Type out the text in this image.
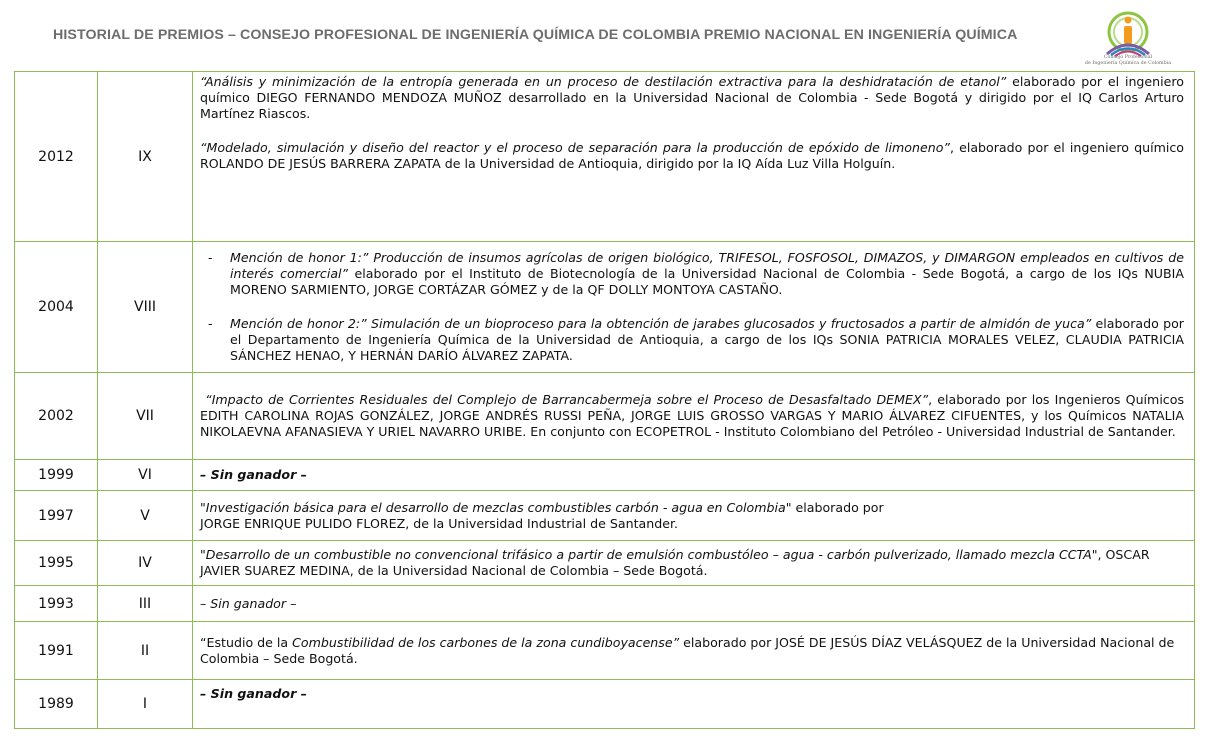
HISTORIAL DE PREMIOS – CONSEJO PROFESIONAL DE INGENIERÍA QUÍMICA DE COLOMBIA PREMIO NACIONAL EN INGENIERÍA QUÍMICA
Consejo Profesional
de Ingeniería Química de Colombia
2012	IX	“Análisis y minimización de la entropía generada en un proceso de destilación extractiva para la deshidratación de etanol” elaborado por el ingeniero químico DIEGO FERNANDO MENDOZA MUÑOZ desarrollado en la Universidad Nacional de Colombia - Sede Bogotá y dirigido por el IQ Carlos Arturo Martínez Riascos.
“Modelado, simulación y diseño del reactor y el proceso de separación para la producción de epóxido de limoneno”, elaborado por el ingeniero químico ROLANDO DE JESÚS BARRERA ZAPATA de la Universidad de Antioquia, dirigido por la IQ Aída Luz Villa Holguín.

2004	VIII	- Mención de honor 1:” Producción de insumos agrícolas de origen biológico, TRIFESOL, FOSFOSOL, DIMAZOS, y DIMARGON empleados en cultivos de interés comercial” elaborado por el Instituto de Biotecnología de la Universidad Nacional de Colombia - Sede Bogotá, a cargo de los IQs NUBIA MORENO SARMIENTO, JORGE CORTÁZAR GÓMEZ y de la QF DOLLY MONTOYA CASTAÑO.
- Mención de honor 2:” Simulación de un bioproceso para la obtención de jarabes glucosados y fructosados a partir de almidón de yuca” elaborado por el Departamento de Ingeniería Química de la Universidad de Antioquia, a cargo de los IQs SONIA PATRICIA MORALES VELEZ, CLAUDIA PATRICIA SÁNCHEZ HENAO, Y HERNÁN DARÍO ÁLVAREZ ZAPATA.

2002	VII	“Impacto de Corrientes Residuales del Complejo de Barrancabermeja sobre el Proceso de Desasfaltado DEMEX”, elaborado por los Ingenieros Químicos EDITH CAROLINA ROJAS GONZÁLEZ, JORGE ANDRÉS RUSSI PEÑA, JORGE LUIS GROSSO VARGAS Y MARIO ÁLVAREZ CIFUENTES, y los Químicos NATALIA NIKOLAEVNA AFANASIEVA Y URIEL NAVARRO URIBE. En conjunto con ECOPETROL - Instituto Colombiano del Petróleo - Universidad Industrial de Santander.

1999	VI	– Sin ganador –
1997	V	"Investigación básica para el desarrollo de mezclas combustibles carbón - agua en Colombia" elaborado por
JORGE ENRIQUE PULIDO FLOREZ, de la Universidad Industrial de Santander.

1995	IV	"Desarrollo de un combustible no convencional trifásico a partir de emulsión combustóleo – agua - carbón pulverizado, llamado mezcla CCTA", OSCAR JAVIER SUAREZ MEDINA, de la Universidad Nacional de Colombia – Sede Bogotá.

1993	III	– Sin ganador –
1991	II	“Estudio de la Combustibilidad de los carbones de la zona cundiboyacense” elaborado por JOSÉ DE JESÚS DÍAZ VELÁSQUEZ de la Universidad Nacional de Colombia – Sede Bogotá.

1989	I	– Sin ganador –
